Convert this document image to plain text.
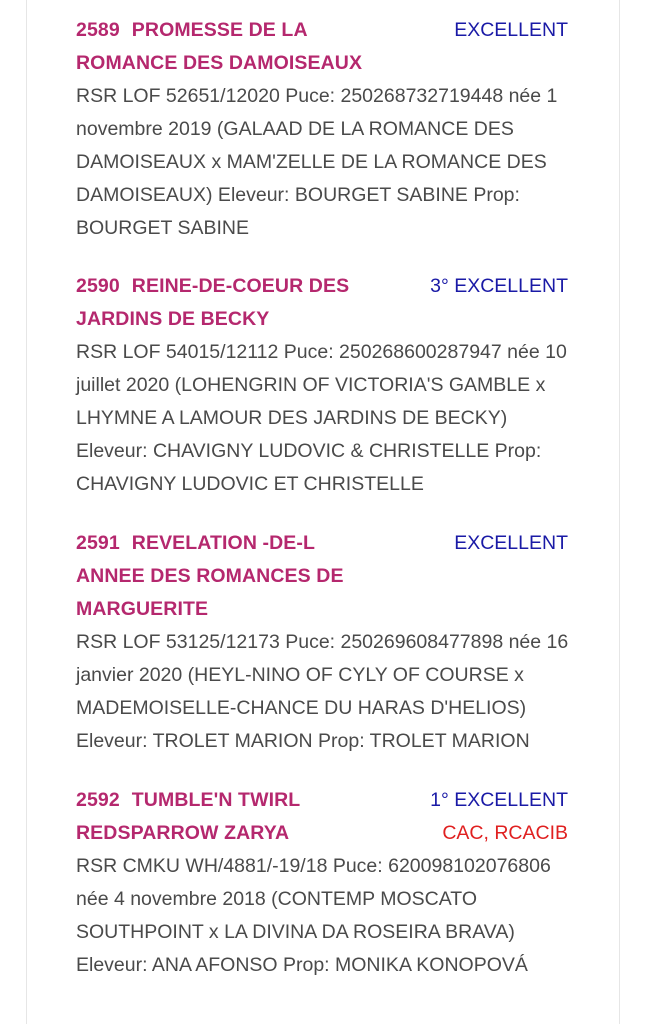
2589 PROMESSE DE LA ROMANCE DES DAMOISEAUX
EXCELLENT
RSR LOF 52651/12020 Puce: 250268732719448 née 1 novembre 2019 (GALAAD DE LA ROMANCE DES DAMOISEAUX x MAM'ZELLE DE LA ROMANCE DES DAMOISEAUX) Eleveur: BOURGET SABINE Prop: BOURGET SABINE
2590 REINE-DE-COEUR DES JARDINS DE BECKY
3° EXCELLENT
RSR LOF 54015/12112 Puce: 250268600287947 née 10 juillet 2020 (LOHENGRIN OF VICTORIA'S GAMBLE x LHYMNE A LAMOUR DES JARDINS DE BECKY) Eleveur: CHAVIGNY LUDOVIC & CHRISTELLE Prop: CHAVIGNY LUDOVIC ET CHRISTELLE
2591 REVELATION -DE-L ANNEE DES ROMANCES DE MARGUERITE
EXCELLENT
RSR LOF 53125/12173 Puce: 250269608477898 née 16 janvier 2020 (HEYL-NINO OF CYLY OF COURSE x MADEMOISELLE-CHANCE DU HARAS D'HELIOS) Eleveur: TROLET MARION Prop: TROLET MARION
2592 TUMBLE'N TWIRL REDSPARROW ZARYA
1° EXCELLENT
CAC, RCACIB
RSR CMKU WH/4881/-19/18 Puce: 620098102076806 née 4 novembre 2018 (CONTEMP MOSCATO SOUTHPOINT x LA DIVINA DA ROSEIRA BRAVA) Eleveur: ANA AFONSO Prop: MONIKA KONOPOVÁ
